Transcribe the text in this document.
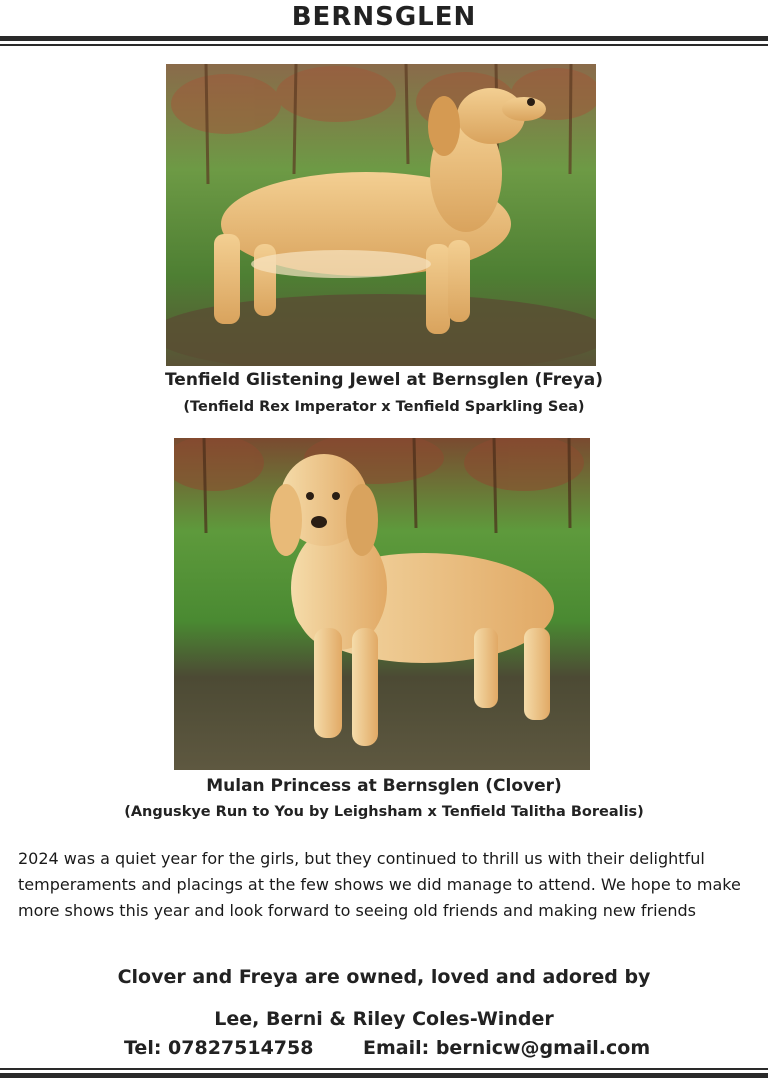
BERNSGLEN
Tenfield Glistening Jewel at Bernsglen (Freya)
(Tenfield Rex Imperator x Tenfield Sparkling Sea)
Mulan Princess at Bernsglen (Clover)
(Anguskye Run to You by Leighsham x Tenfield Talitha Borealis)
2024 was a quiet year for the girls, but they continued to thrill us with their delightful temperaments and placings at the few shows we did manage to attend. We hope to make more shows this year and look forward to seeing old friends and making new friends
Clover and Freya are owned, loved and adored by
Lee, Berni & Riley Coles-Winder
Tel: 07827514758	Email: bernicw@gmail.com
